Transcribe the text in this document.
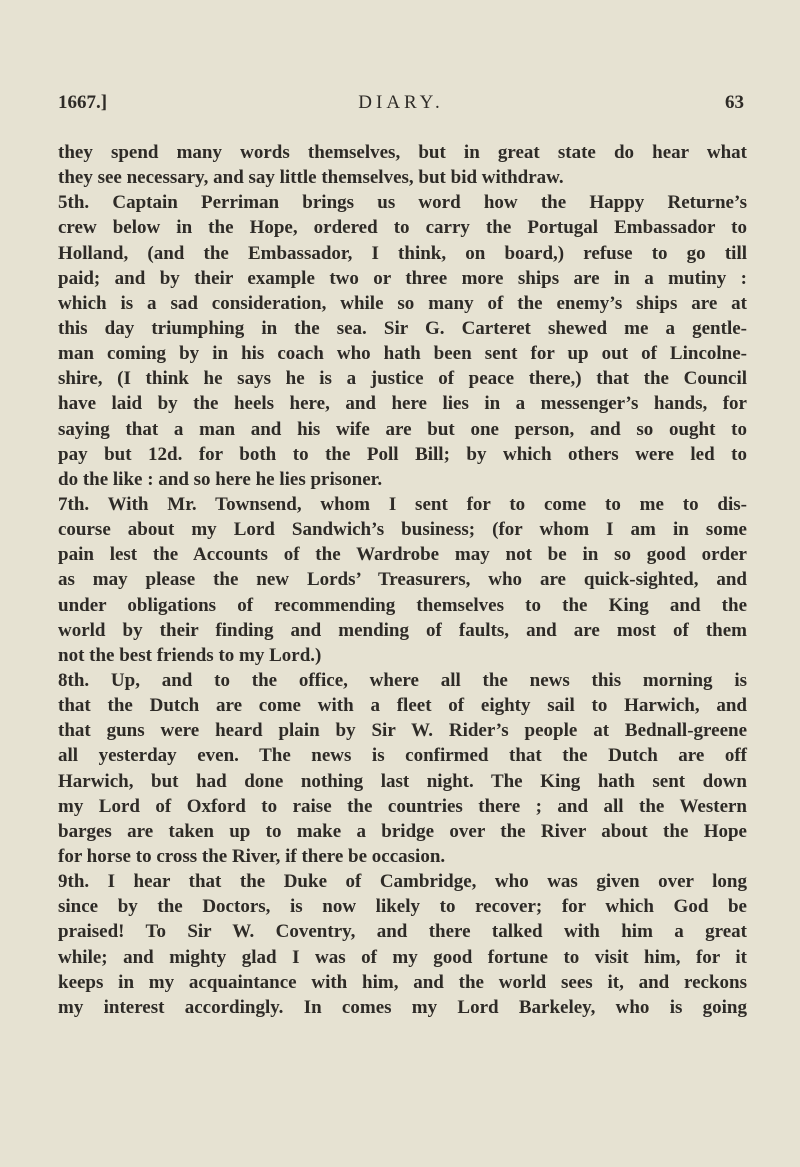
1667.]	DIARY.	63
they spend many words themselves, but in great state do hear what
they see necessary, and say little themselves, but bid withdraw.
5th. Captain Perriman brings us word how the Happy Returne’s
crew below in the Hope, ordered to carry the Portugal Embassador to
Holland, (and the Embassador, I think, on board,) refuse to go till
paid; and by their example two or three more ships are in a mutiny :
which is a sad consideration, while so many of the enemy’s ships are at
this day triumphing in the sea. Sir G. Carteret shewed me a gentle-
man coming by in his coach who hath been sent for up out of Lincolne-
shire, (I think he says he is a justice of peace there,) that the Council
have laid by the heels here, and here lies in a messenger’s hands, for
saying that a man and his wife are but one person, and so ought to
pay but 12d. for both to the Poll Bill; by which others were led to
do the like : and so here he lies prisoner.
7th. With Mr. Townsend, whom I sent for to come to me to dis-
course about my Lord Sandwich’s business; (for whom I am in some
pain lest the Accounts of the Wardrobe may not be in so good order
as may please the new Lords’ Treasurers, who are quick-sighted, and
under obligations of recommending themselves to the King and the
world by their finding and mending of faults, and are most of them
not the best friends to my Lord.)
8th. Up, and to the office, where all the news this morning is
that the Dutch are come with a fleet of eighty sail to Harwich, and
that guns were heard plain by Sir W. Rider’s people at Bednall-greene
all yesterday even. The news is confirmed that the Dutch are off
Harwich, but had done nothing last night. The King hath sent down
my Lord of Oxford to raise the countries there ; and all the Western
barges are taken up to make a bridge over the River about the Hope
for horse to cross the River, if there be occasion.
9th. I hear that the Duke of Cambridge, who was given over long
since by the Doctors, is now likely to recover; for which God be
praised! To Sir W. Coventry, and there talked with him a great
while; and mighty glad I was of my good fortune to visit him, for it
keeps in my acquaintance with him, and the world sees it, and reckons
my interest accordingly. In comes my Lord Barkeley, who is going
